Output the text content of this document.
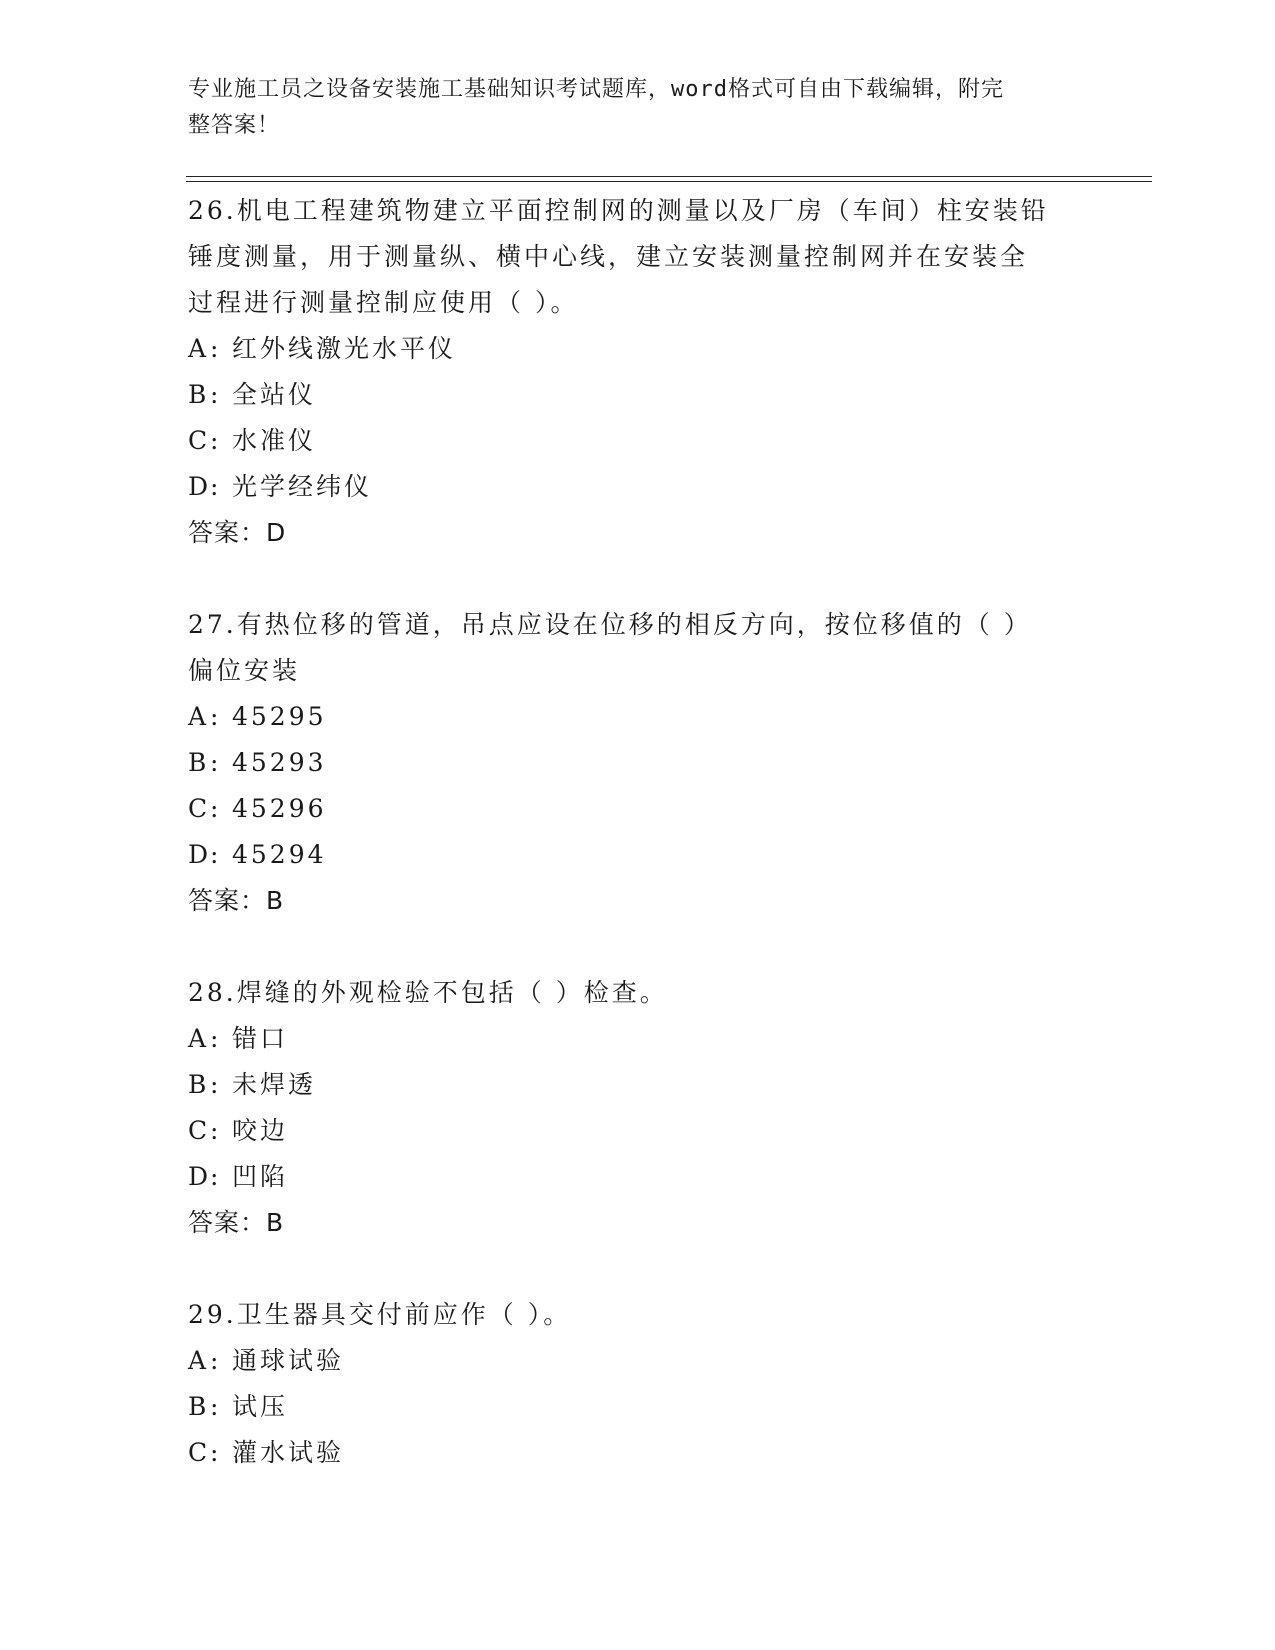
专业施工员之设备安装施工基础知识考试题库，word格式可自由下载编辑，附完
整答案！

26.机电工程建筑物建立平面控制网的测量以及厂房（车间）柱安装铅

锤度测量，用于测量纵、横中心线，建立安装测量控制网并在安装全

过程进行测量控制应使用（ ）。

A : 红外线激光水平仪

B : 全站仪

C : 水准仪

D: 光学经纬仪

答案：D

27.有热位移的管道，吊点应设在位移的相反方向，按位移值的（ ）

偏位安装

A : 45295

B : 45293

C : 45296

D: 45294

答案：B

28.焊缝的外观检验不包括（ ）检查。

A : 错口

B : 未焊透

C : 咬边

D: 凹陷

答案：B

29.卫生器具交付前应作（ ）。

A : 通球试验

B : 试压

C : 灌水试验
